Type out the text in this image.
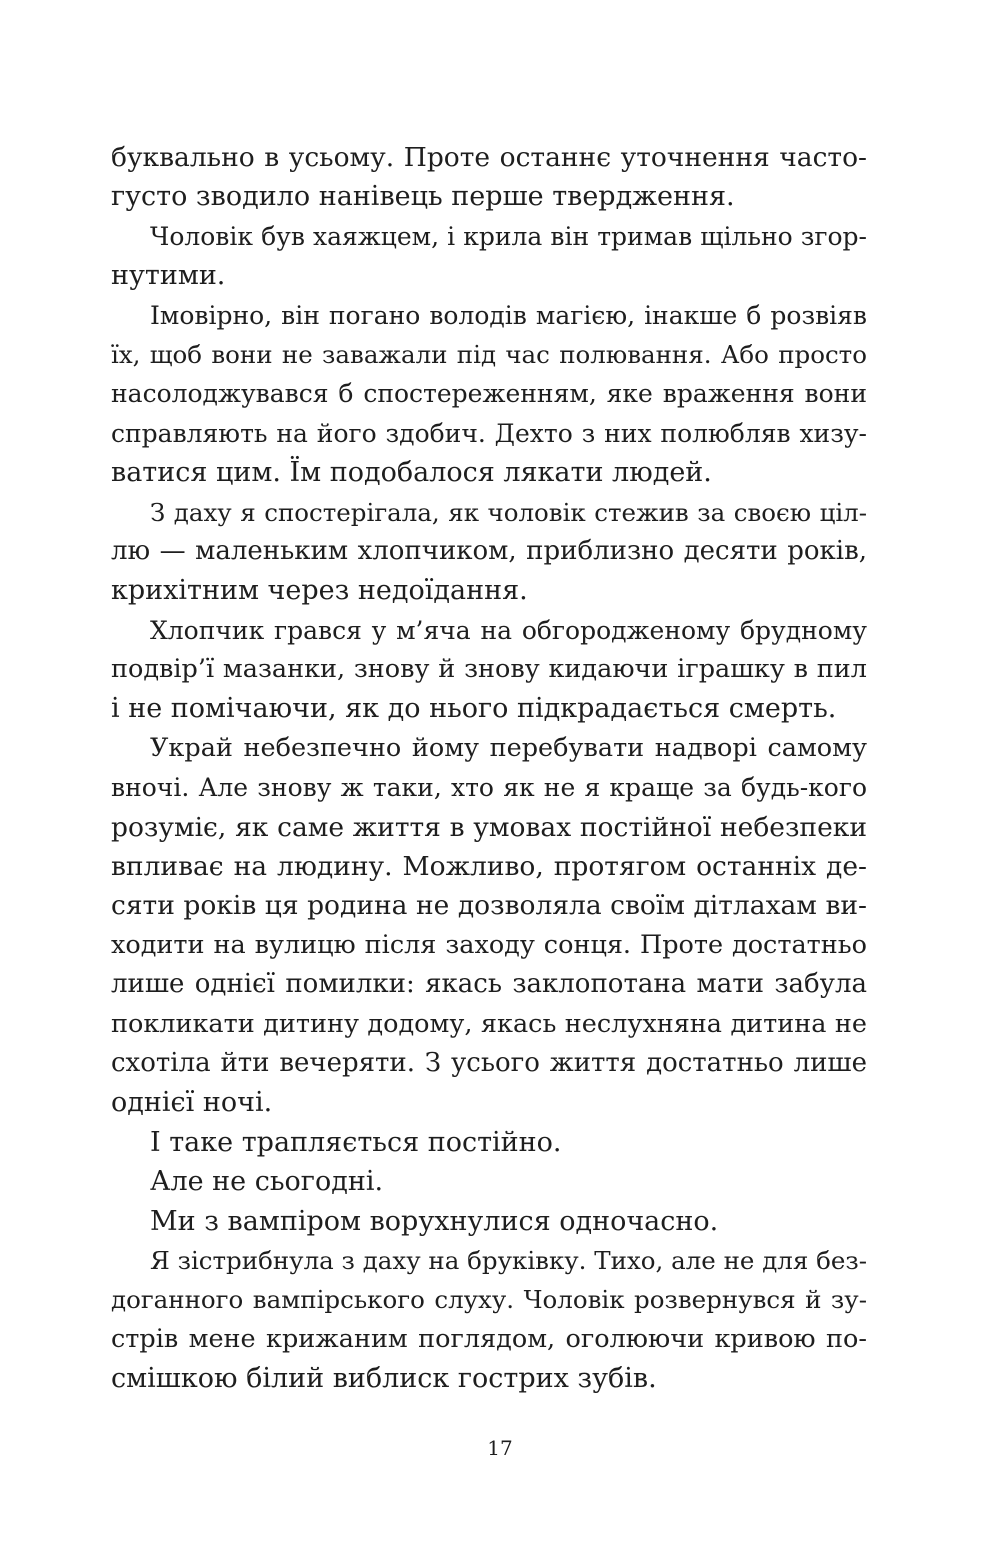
буквально в усьому. Проте останнє уточнення часто-
густо зводило нанівець перше твердження.
Чоловік був хаяжцем, і крила він тримав щільно згор-
нутими.
Імовірно, він погано володів магією, інакше б розвіяв
їх, щоб вони не заважали під час полювання. Або просто
насолоджувався б спостереженням, яке враження вони
справляють на його здобич. Дехто з них полюбляв хизу-
ватися цим. Їм подобалося лякати людей.
З даху я спостерігала, як чоловік стежив за своєю ціл-
лю — маленьким хлопчиком, приблизно десяти років,
крихітним через недоїдання.
Хлопчик грався у м’яча на обгородженому брудному
подвір’ї мазанки, знову й знову кидаючи іграшку в пил
і не помічаючи, як до нього підкрадається смерть.
Украй небезпечно йому перебувати надворі самому
вночі. Але знову ж таки, хто як не я краще за будь-кого
розуміє, як саме життя в умовах постійної небезпеки
впливає на людину. Можливо, протягом останніх де-
сяти років ця родина не дозволяла своїм дітлахам ви-
ходити на вулицю після заходу сонця. Проте достатньо
лише однієї помилки: якась заклопотана мати забула
покликати дитину додому, якась неслухняна дитина не
схотіла йти вечеряти. З усього життя достатньо лише
однієї ночі.
І таке трапляється постійно.
Але не сьогодні.
Ми з вампіром ворухнулися одночасно.
Я зістрибнула з даху на бруківку. Тихо, але не для без-
доганного вампірського слуху. Чоловік розвернувся й зу-
стрів мене крижаним поглядом, оголюючи кривою по-
смішкою білий виблиск гострих зубів.
17
